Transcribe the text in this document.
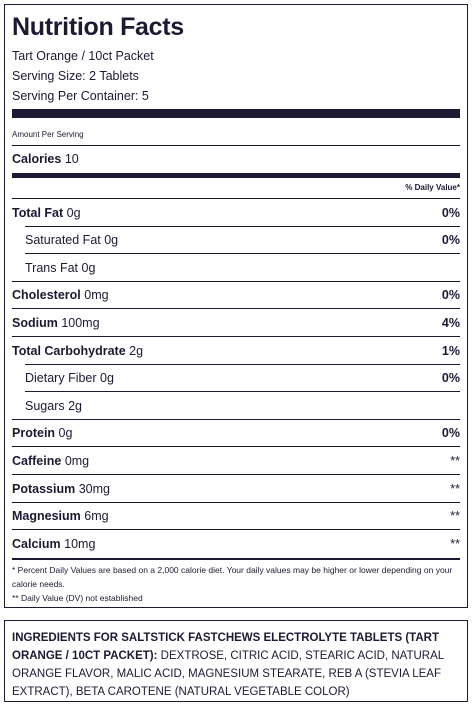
Nutrition Facts
Tart Orange / 10ct Packet
Serving Size: 2 Tablets
Serving Per Container: 5
Amount Per Serving
Calories 10
% Daily Value*
Total Fat 0g	0%
Saturated Fat 0g	0%
Trans Fat 0g
Cholesterol 0mg	0%
Sodium 100mg	4%
Total Carbohydrate 2g	1%
Dietary Fiber 0g	0%
Sugars 2g
Protein 0g	0%
Caffeine 0mg	**
Potassium 30mg	**
Magnesium 6mg	**
Calcium 10mg	**
* Percent Daily Values are based on a 2,000 calorie diet. Your daily values may be higher or lower depending on your calorie needs.
** Daily Value (DV) not established
INGREDIENTS FOR SALTSTICK FASTCHEWS ELECTROLYTE TABLETS (TART ORANGE / 10CT PACKET): DEXTROSE, CITRIC ACID, STEARIC ACID, NATURAL ORANGE FLAVOR, MALIC ACID, MAGNESIUM STEARATE, REB A (STEVIA LEAF EXTRACT), BETA CAROTENE (NATURAL VEGETABLE COLOR)
